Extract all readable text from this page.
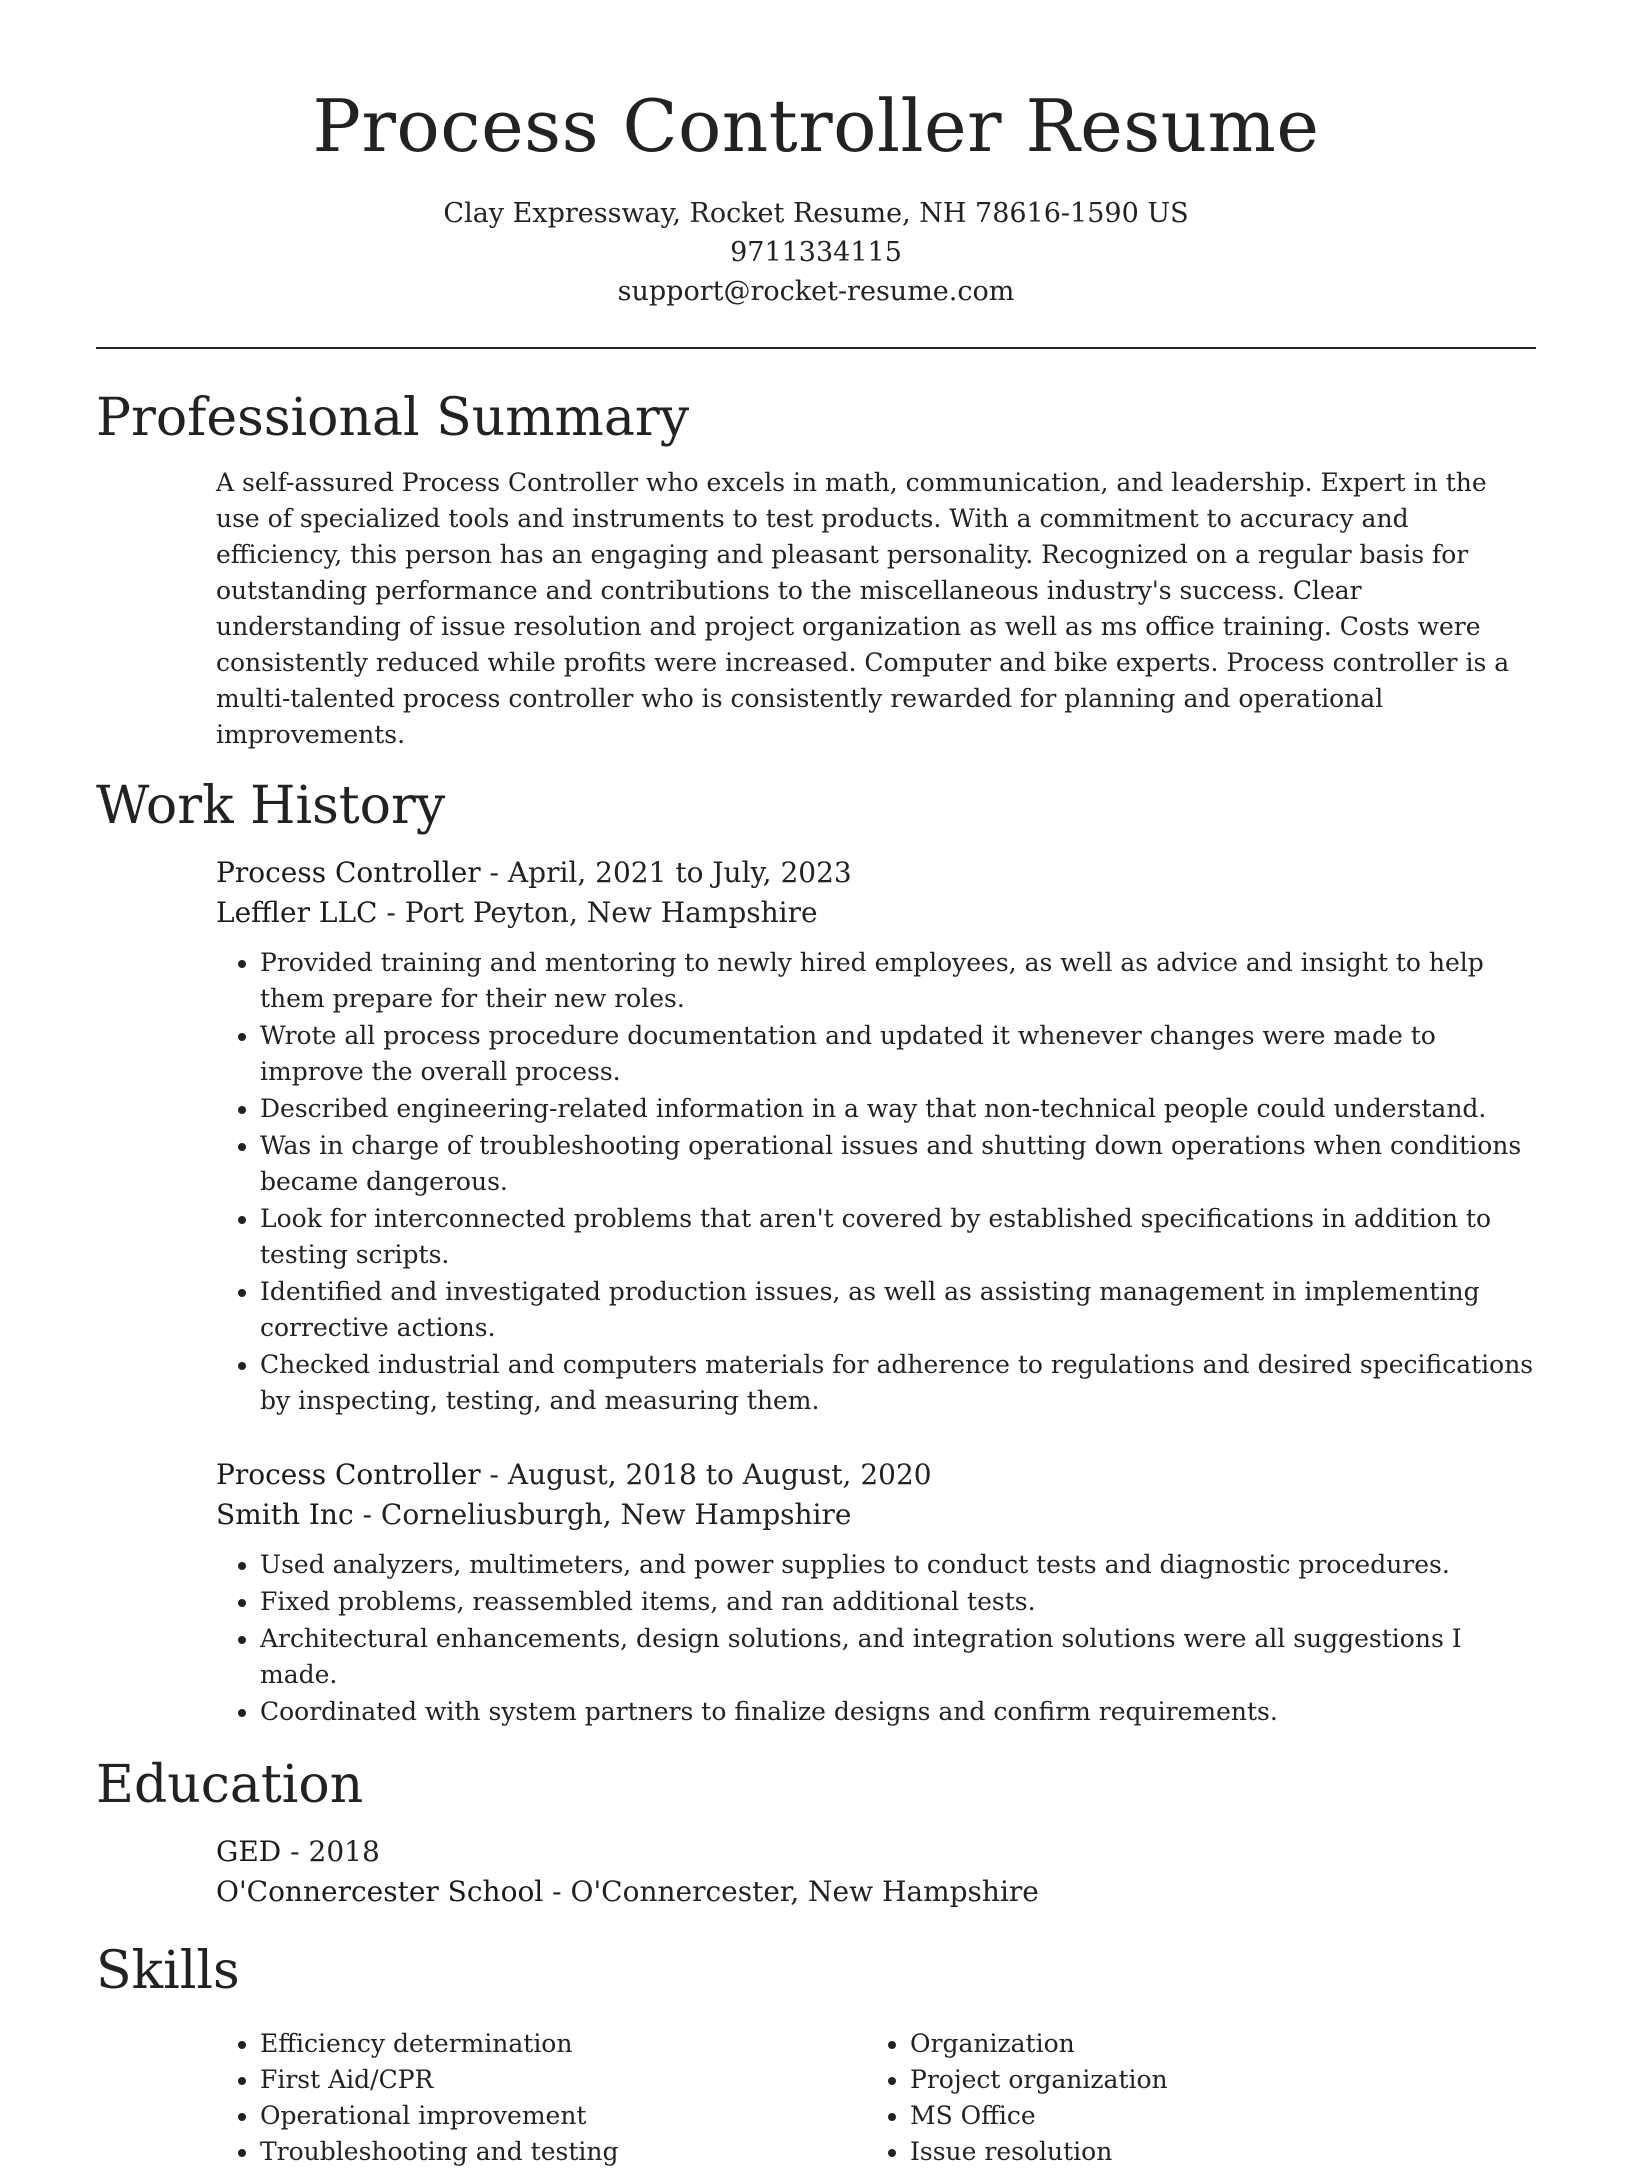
Process Controller Resume

Clay Expressway, Rocket Resume, NH 78616-1590 US

9711334115

support@rocket-resume.com

Professional Summary

A self-assured Process Controller who excels in math, communication, and leadership. Expert in the use of specialized tools and instruments to test products. With a commitment to accuracy and efficiency, this person has an engaging and pleasant personality. Recognized on a regular basis for outstanding performance and contributions to the miscellaneous industry's success. Clear understanding of issue resolution and project organization as well as ms office training. Costs were consistently reduced while profits were increased. Computer and bike experts. Process controller is a multi-talented process controller who is consistently rewarded for planning and operational improvements.

Work History

Process Controller - April, 2021 to July, 2023

Leffler LLC - Port Peyton, New Hampshire

• Provided training and mentoring to newly hired employees, as well as advice and insight to help them prepare for their new roles.
• Wrote all process procedure documentation and updated it whenever changes were made to improve the overall process.
• Described engineering-related information in a way that non-technical people could understand.
• Was in charge of troubleshooting operational issues and shutting down operations when conditions became dangerous.
• Look for interconnected problems that aren't covered by established specifications in addition to testing scripts.
• Identified and investigated production issues, as well as assisting management in implementing corrective actions.
• Checked industrial and computers materials for adherence to regulations and desired specifications by inspecting, testing, and measuring them.

Process Controller - August, 2018 to August, 2020

Smith Inc - Corneliusburgh, New Hampshire

• Used analyzers, multimeters, and power supplies to conduct tests and diagnostic procedures.
• Fixed problems, reassembled items, and ran additional tests.
• Architectural enhancements, design solutions, and integration solutions were all suggestions I made.
• Coordinated with system partners to finalize designs and confirm requirements.
Education

GED - 2018

O'Connercester School - O'Connercester, New Hampshire

Skills
• Efficiency determination
• First Aid/CPR
• Operational improvement
• Troubleshooting and testing
• Organization
• Project organization
• MS Office
• Issue resolution
